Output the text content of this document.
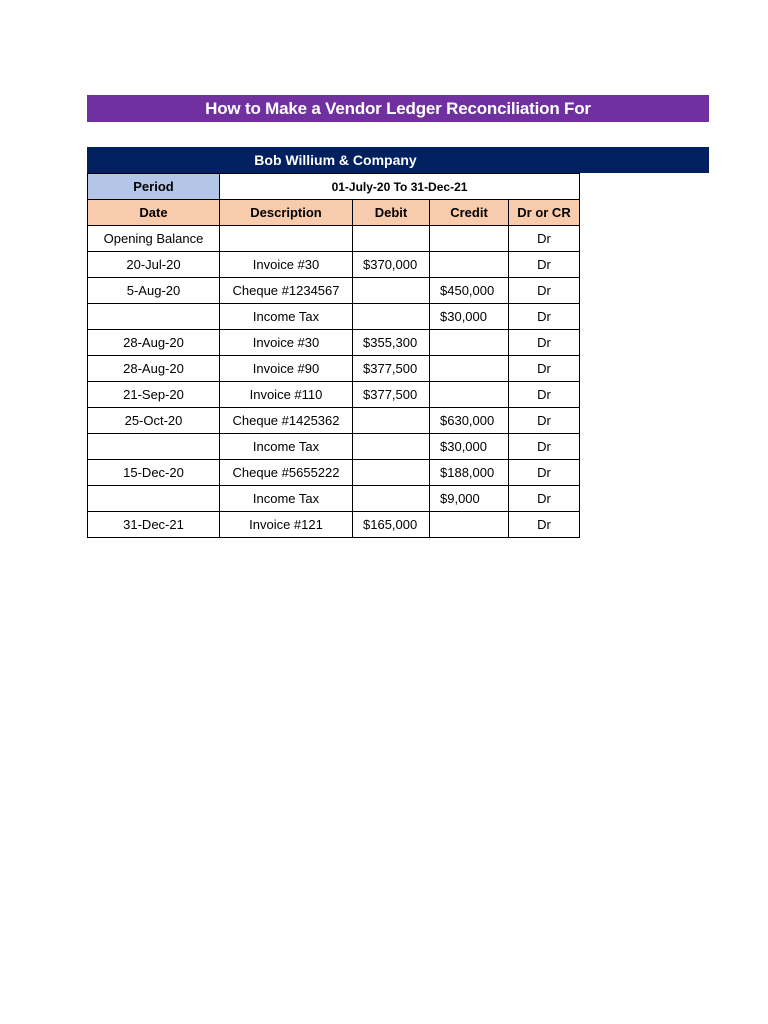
How to Make a Vendor Ledger Reconciliation For
Bob Willium & Company
Period	01-July-20 To 31-Dec-21			
Date	Description	Debit	Credit	Dr or CR
Opening Balance				Dr
20-Jul-20	Invoice #30	$370,000		Dr
5-Aug-20	Cheque #1234567		$450,000	Dr
	Income Tax		$30,000	Dr
28-Aug-20	Invoice #30	$355,300		Dr
28-Aug-20	Invoice #90	$377,500		Dr
21-Sep-20	Invoice #110	$377,500		Dr
25-Oct-20	Cheque #1425362		$630,000	Dr
	Income Tax		$30,000	Dr
15-Dec-20	Cheque #5655222		$188,000	Dr
	Income Tax		$9,000	Dr
31-Dec-21	Invoice #121	$165,000		Dr
